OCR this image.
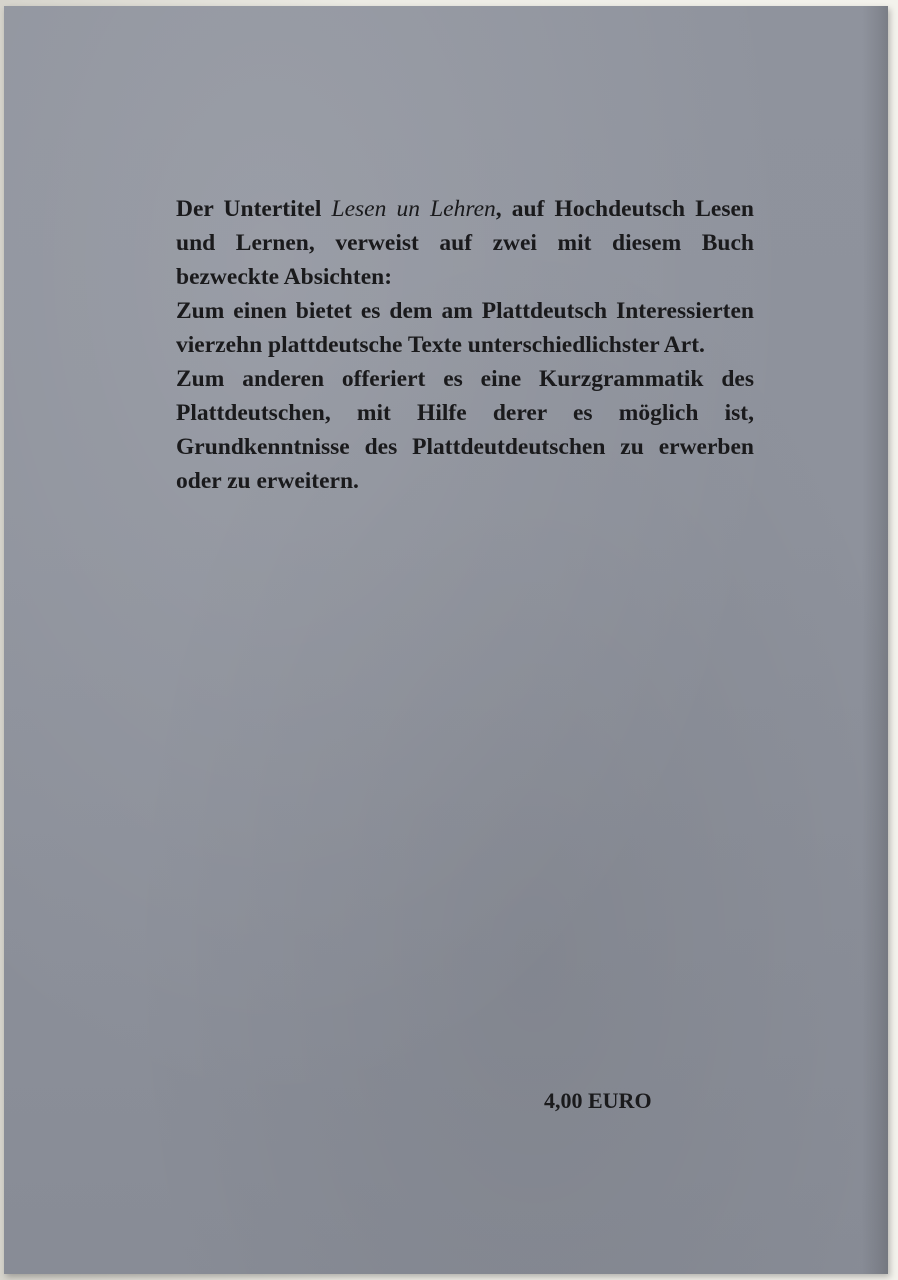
Der Untertitel Lesen un Lehren, auf Hochdeutsch Lesen und Lernen, verweist auf zwei mit diesem Buch bezweckte Absichten:

Zum einen bietet es dem am Plattdeutsch Interessierten vierzehn plattdeutsche Texte unterschiedlichster Art.

Zum anderen offeriert es eine Kurzgrammatik des Plattdeutschen, mit Hilfe derer es möglich ist, Grundkenntnisse des Plattdeutdeutschen zu erwerben oder zu erweitern.

4,00 EURO
